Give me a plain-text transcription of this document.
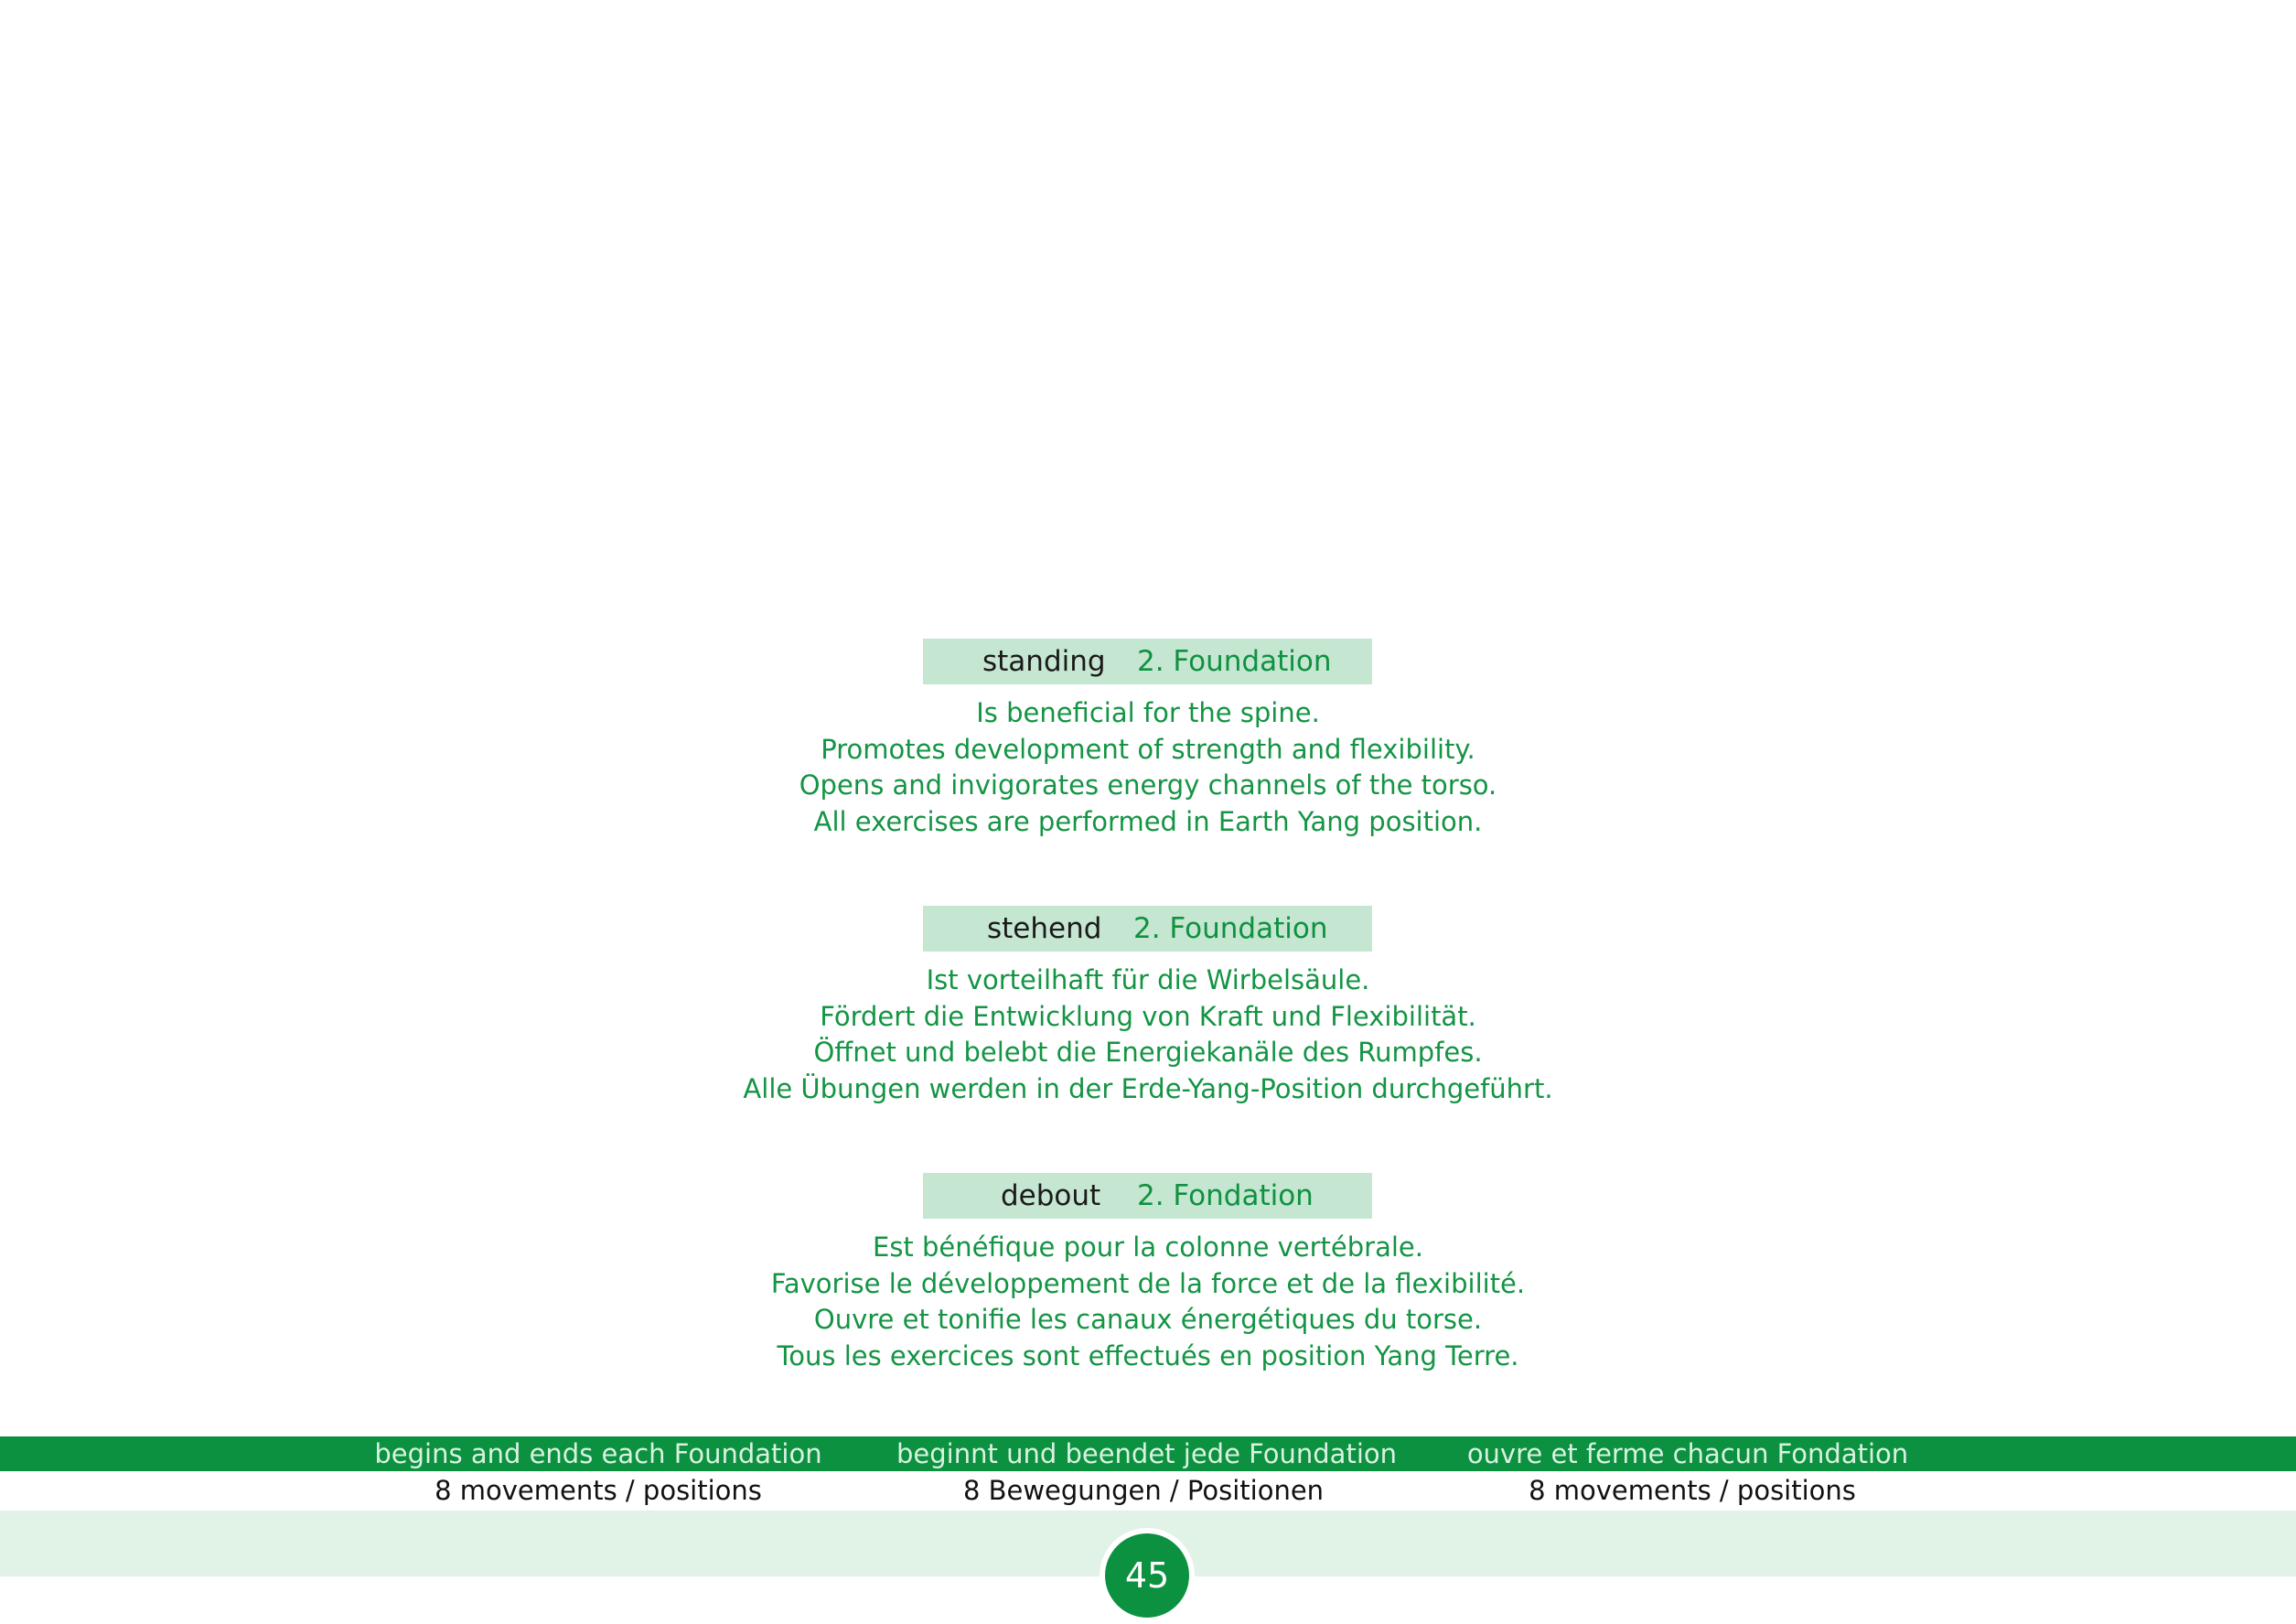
standing 2. Foundation
Is beneficial for the spine.
Promotes development of strength and flexibility.
Opens and invigorates energy channels of the torso.
All exercises are performed in Earth Yang position.
stehend 2. Foundation
Ist vorteilhaft für die Wirbelsäule.
Fördert die Entwicklung von Kraft und Flexibilität.
Öffnet und belebt die Energiekanäle des Rumpfes.
Alle Übungen werden in der Erde-Yang-Position durchgeführt.
debout 2. Fondation
Est bénéfique pour la colonne vertébrale.
Favorise le développement de la force et de la flexibilité.
Ouvre et tonifie les canaux énergétiques du torse.
Tous les exercices sont effectués en position Yang Terre.
begins and ends each Foundation	beginnt und beendet jede Foundation	ouvre et ferme chacun Fondation
8 movements / positions	8 Bewegungen / Positionen	8 movements / positions
45
